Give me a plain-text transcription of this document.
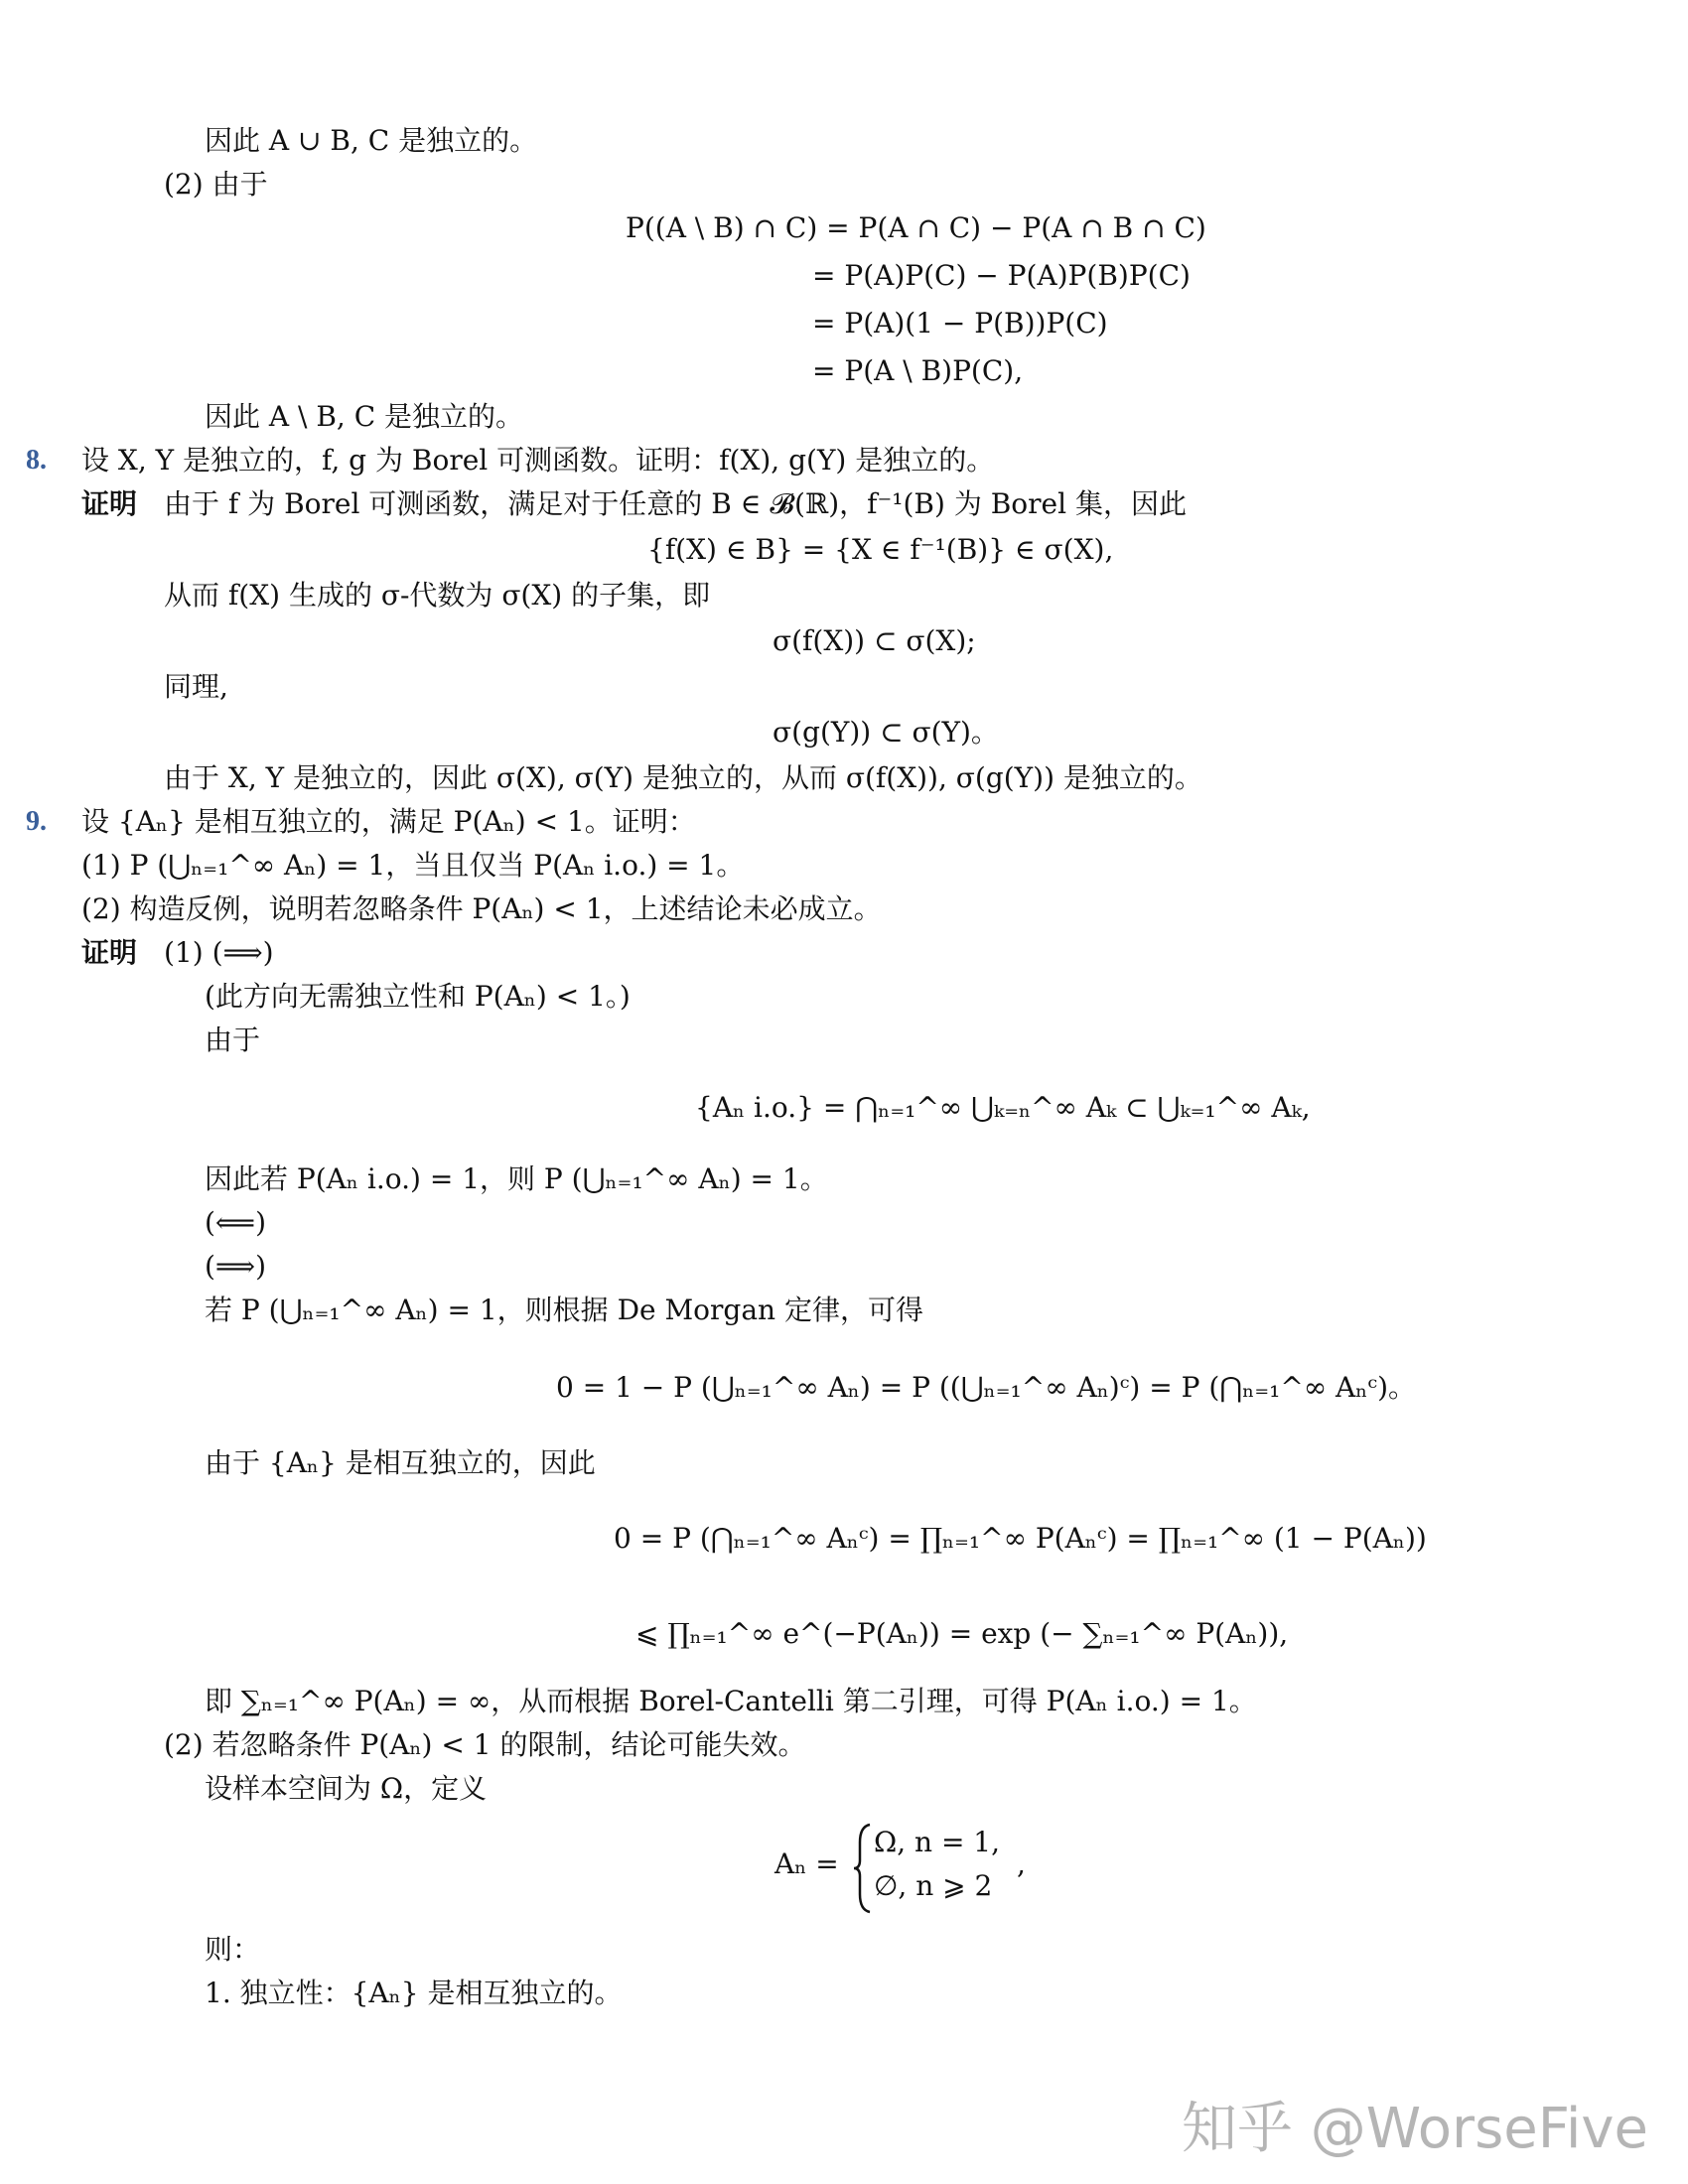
因此 A ∪ B, C 是独立的。
(2) 由于
P((A \ B) ∩ C) = P(A ∩ C) − P(A ∩ B ∩ C)
= P(A)P(C) − P(A)P(B)P(C)
= P(A)(1 − P(B))P(C)
= P(A \ B)P(C),
因此 A \ B, C 是独立的。
8. 设 X, Y 是独立的，f, g 为 Borel 可测函数。证明：f(X), g(Y) 是独立的。
证明 由于 f 为 Borel 可测函数，满足对于任意的 B ∈ 𝓑(ℝ)，f⁻¹(B) 为 Borel 集，因此
{f(X) ∈ B} = {X ∈ f⁻¹(B)} ∈ σ(X),
从而 f(X) 生成的 σ-代数为 σ(X) 的子集，即
σ(f(X)) ⊂ σ(X);
同理,
σ(g(Y)) ⊂ σ(Y)。
由于 X, Y 是独立的，因此 σ(X), σ(Y) 是独立的，从而 σ(f(X)), σ(g(Y)) 是独立的。
9. 设 {Aₙ} 是相互独立的，满足 P(Aₙ) < 1。证明：
(1) P (⋃ₙ₌₁^∞ Aₙ) = 1，当且仅当 P(Aₙ i.o.) = 1。
(2) 构造反例，说明若忽略条件 P(Aₙ) < 1，上述结论未必成立。
证明 (1) (⟹)
(此方向无需独立性和 P(Aₙ) < 1。)
由于
{Aₙ i.o.} = ⋂ₙ₌₁^∞ ⋃ₖ₌ₙ^∞ Aₖ ⊂ ⋃ₖ₌₁^∞ Aₖ,
因此若 P(Aₙ i.o.) = 1，则 P (⋃ₙ₌₁^∞ Aₙ) = 1。
(⟸)
(⟹)
若 P (⋃ₙ₌₁^∞ Aₙ) = 1，则根据 De Morgan 定律，可得
0 = 1 − P (⋃ₙ₌₁^∞ Aₙ) = P ((⋃ₙ₌₁^∞ Aₙ)ᶜ) = P (⋂ₙ₌₁^∞ Aₙᶜ)。
由于 {Aₙ} 是相互独立的，因此
0 = P (⋂ₙ₌₁^∞ Aₙᶜ) = ∏ₙ₌₁^∞ P(Aₙᶜ) = ∏ₙ₌₁^∞ (1 − P(Aₙ))
⩽ ∏ₙ₌₁^∞ e^(−P(Aₙ)) = exp (− ∑ₙ₌₁^∞ P(Aₙ)),
即 ∑ₙ₌₁^∞ P(Aₙ) = ∞，从而根据 Borel-Cantelli 第二引理，可得 P(Aₙ i.o.) = 1。
(2) 若忽略条件 P(Aₙ) < 1 的限制，结论可能失效。
设样本空间为 Ω，定义
Aₙ =
Ω, n = 1,
∅, n ⩾ 2
,
则：
1. 独立性：{Aₙ} 是相互独立的。
知乎 @WorseFive
